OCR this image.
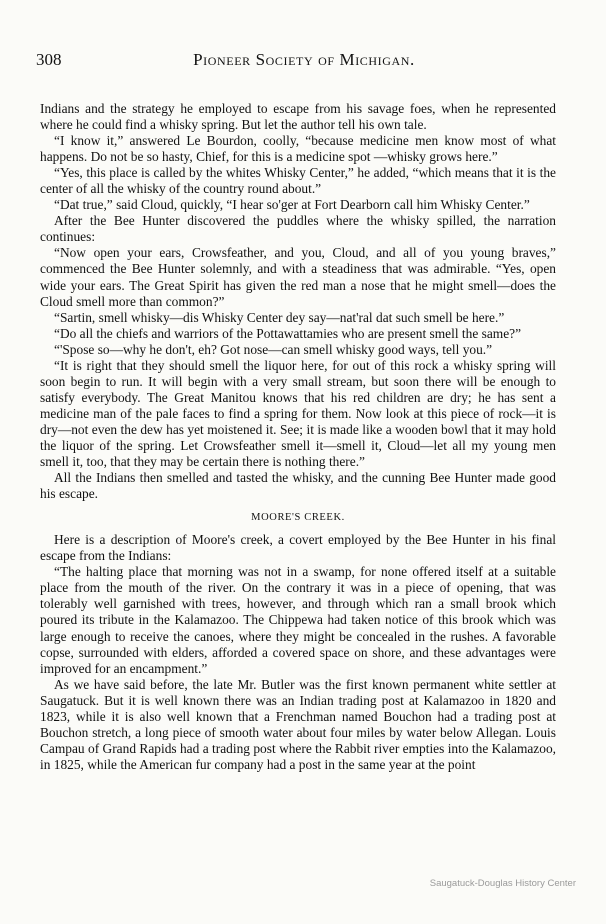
308	Pioneer Society of Michigan.

Indians and the strategy he employed to escape from his savage foes, when he represented where he could find a whisky spring. But let the author tell his own tale.

“I know it,” answered Le Bourdon, coolly, “because medicine men know most of what happens. Do not be so hasty, Chief, for this is a medicine spot —whisky grows here.”

“Yes, this place is called by the whites Whisky Center,” he added, “which means that it is the center of all the whisky of the country round about.”

“Dat true,” said Cloud, quickly, “I hear so'ger at Fort Dearborn call him Whisky Center.”

After the Bee Hunter discovered the puddles where the whisky spilled, the narration continues:

“Now open your ears, Crowsfeather, and you, Cloud, and all of you young braves,” commenced the Bee Hunter solemnly, and with a steadiness that was admirable. “Yes, open wide your ears. The Great Spirit has given the red man a nose that he might smell—does the Cloud smell more than common?”

“Sartin, smell whisky—dis Whisky Center dey say—nat'ral dat such smell be here.”

“Do all the chiefs and warriors of the Pottawattamies who are present smell the same?”

“'Spose so—why he don't, eh? Got nose—can smell whisky good ways, tell you.”

“It is right that they should smell the liquor here, for out of this rock a whisky spring will soon begin to run. It will begin with a very small stream, but soon there will be enough to satisfy everybody. The Great Manitou knows that his red children are dry; he has sent a medicine man of the pale faces to find a spring for them. Now look at this piece of rock—it is dry—not even the dew has yet moistened it. See; it is made like a wooden bowl that it may hold the liquor of the spring. Let Crowsfeather smell it—smell it, Cloud—let all my young men smell it, too, that they may be certain there is nothing there.”

All the Indians then smelled and tasted the whisky, and the cunning Bee Hunter made good his escape.

MOORE'S CREEK.

Here is a description of Moore's creek, a covert employed by the Bee Hunter in his final escape from the Indians:

“The halting place that morning was not in a swamp, for none offered itself at a suitable place from the mouth of the river. On the contrary it was in a piece of opening, that was tolerably well garnished with trees, however, and through which ran a small brook which poured its tribute in the Kalamazoo. The Chippewa had taken notice of this brook which was large enough to receive the canoes, where they might be concealed in the rushes. A favorable copse, surrounded with elders, afforded a covered space on shore, and these advantages were improved for an encampment.”

As we have said before, the late Mr. Butler was the first known permanent white settler at Saugatuck. But it is well known there was an Indian trading post at Kalamazoo in 1820 and 1823, while it is also well known that a Frenchman named Bouchon had a trading post at Bouchon stretch, a long piece of smooth water about four miles by water below Allegan. Louis Campau of Grand Rapids had a trading post where the Rabbit river empties into the Kalamazoo, in 1825, while the American fur company had a post in the same year at the point

Saugatuck-Douglas History Center
